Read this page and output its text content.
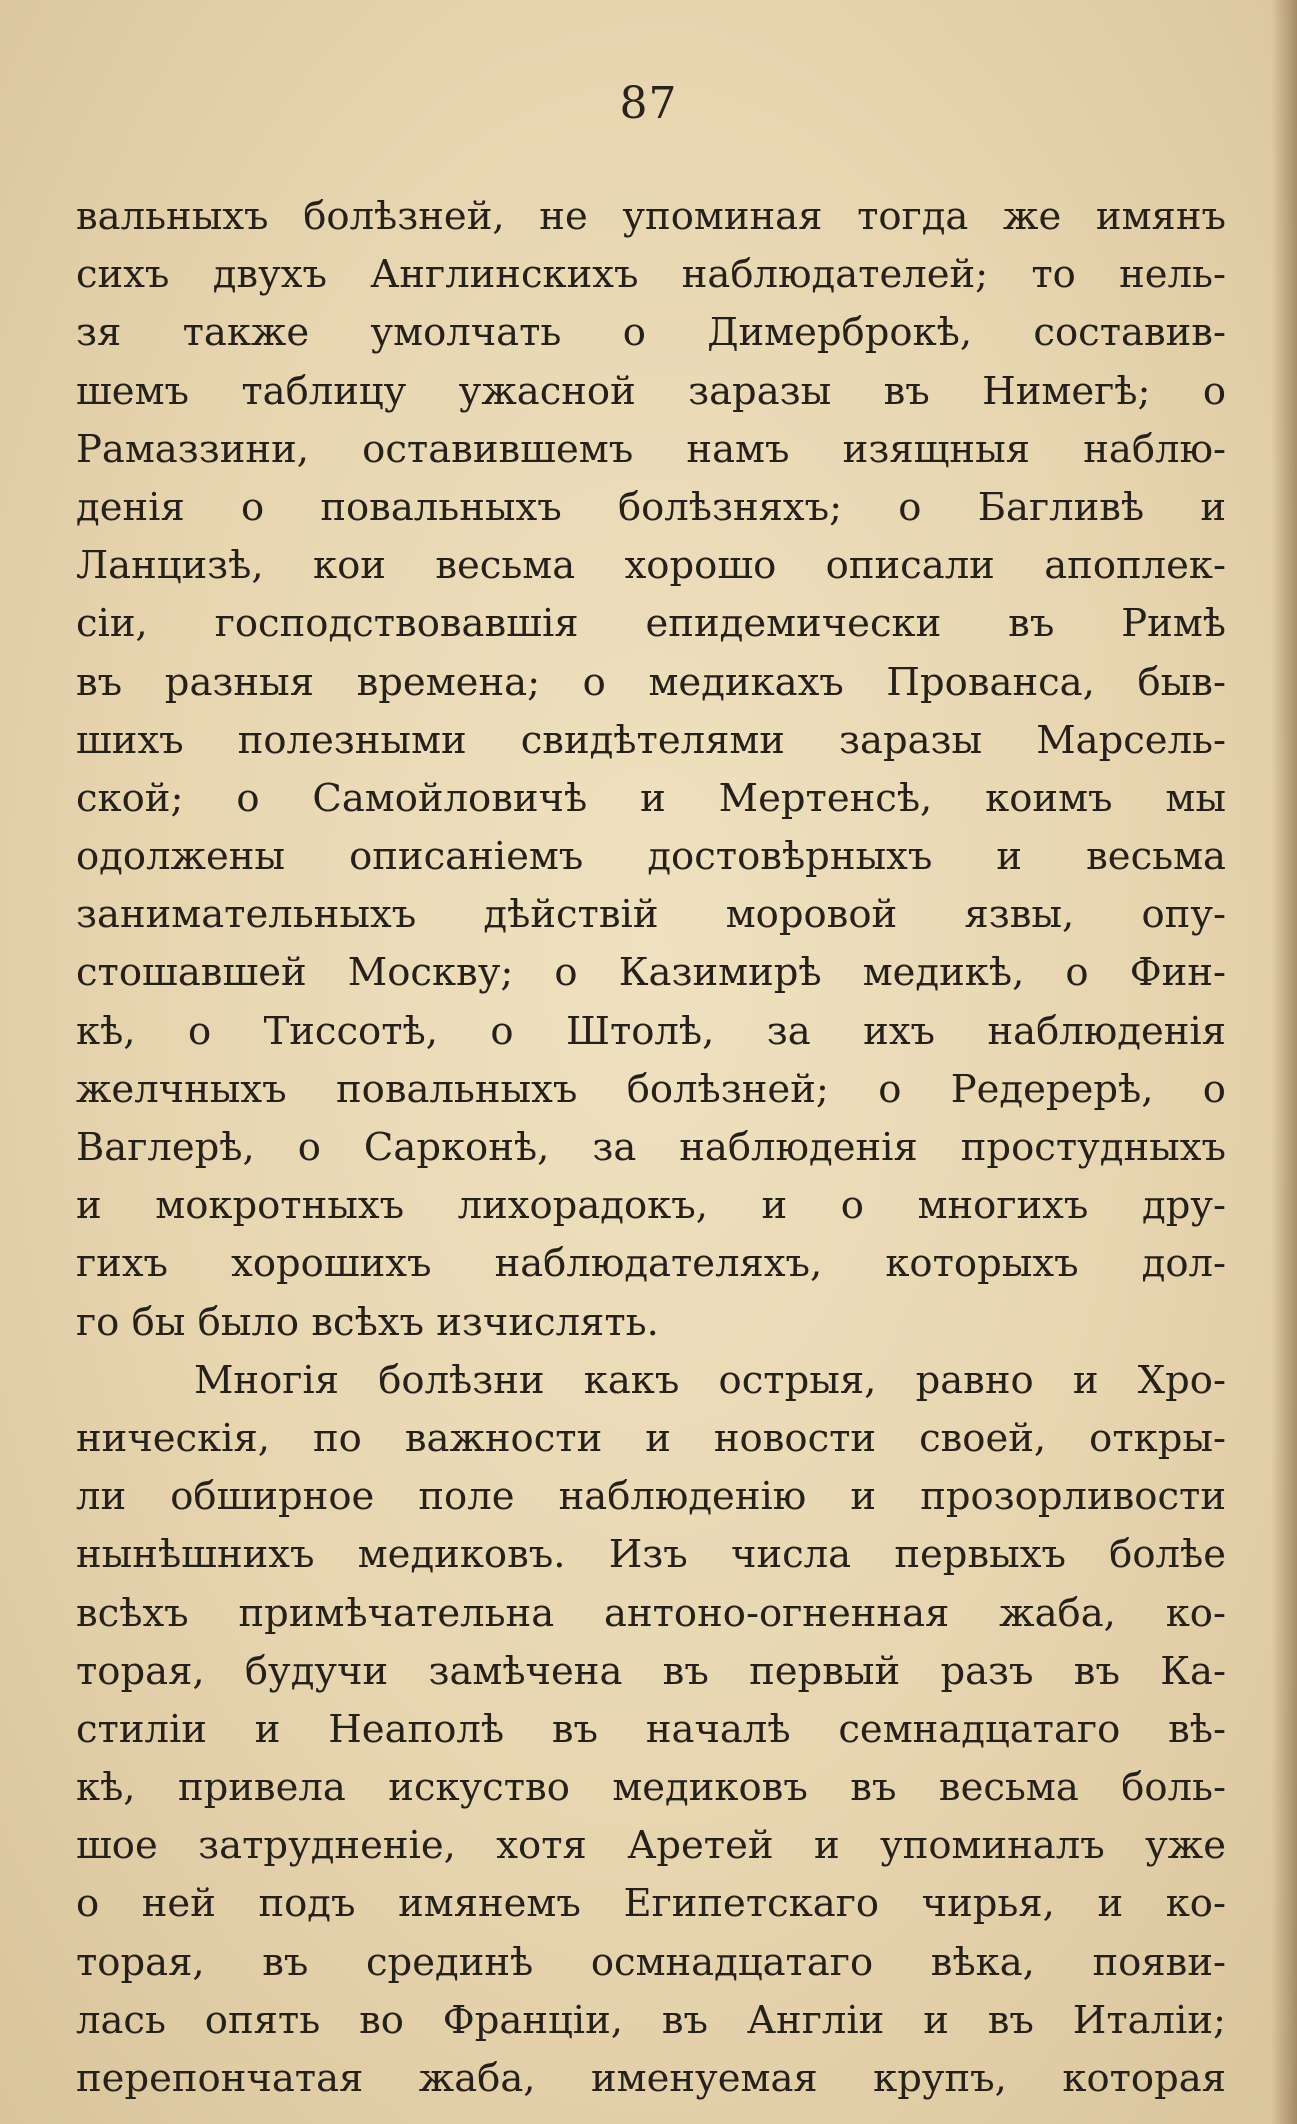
87
вальныхъ болѣзней, не упоминая тогда же имянъ
сихъ двухъ Англинскихъ наблюдателей; то нель-
зя также умолчать о Димерброкѣ, составив-
шемъ таблицу ужасной заразы въ Нимегѣ; о
Рамаззини, оставившемъ намъ изящныя наблю-
денія о повальныхъ болѣзняхъ; о Багливѣ и
Ланцизѣ, кои весьма хорошо описали апоплек-
сіи, господствовавшія епидемически въ Римѣ
въ разныя времена; о медикахъ Прованса, быв-
шихъ полезными свидѣтелями заразы Марсель-
ской; о Самойловичѣ и Мертенсѣ, коимъ мы
одолжены описаніемъ достовѣрныхъ и весьма
занимательныхъ дѣйствій моровой язвы, опу-
стошавшей Москву; о Казимирѣ медикѣ, о Фин-
кѣ, о Тиссотѣ, о Штолѣ, за ихъ наблюденія
желчныхъ повальныхъ болѣзней; о Редерерѣ, о
Ваглерѣ, о Сарконѣ, за наблюденія простудныхъ
и мокротныхъ лихорадокъ, и о многихъ дру-
гихъ хорошихъ наблюдателяхъ, которыхъ дол-
го бы было всѣхъ изчислять.
Многія болѣзни какъ острыя, равно и Хро-
ническія, по важности и новости своей, откры-
ли обширное поле наблюденію и прозорливости
нынѣшнихъ медиковъ. Изъ числа первыхъ болѣе
всѣхъ примѣчательна антоно-огненная жаба, ко-
торая, будучи замѣчена въ первый разъ въ Ка-
стиліи и Неаполѣ въ началѣ семнадцатаго вѣ-
кѣ, привела искуство медиковъ въ весьма боль-
шое затрудненіе, хотя Аретей и упоминалъ уже
о ней подъ имянемъ Египетскаго чирья, и ко-
торая, въ срединѣ осмнадцатаго вѣка, появи-
лась опять во Франціи, въ Англіи и въ Италіи;
перепончатая жаба, именуемая крупъ, которая
